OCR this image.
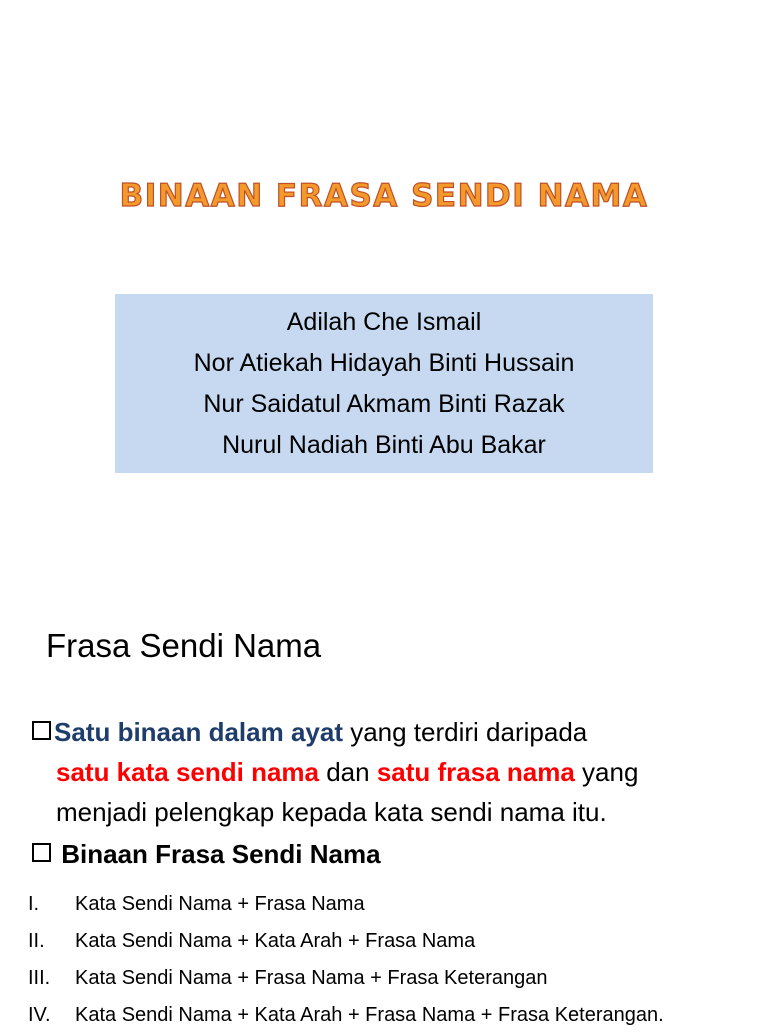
BINAAN FRASA SENDI NAMA
Adilah Che Ismail
Nor Atiekah Hidayah Binti Hussain
Nur Saidatul Akmam Binti Razak
Nurul Nadiah Binti Abu Bakar
Frasa Sendi Nama
Satu binaan dalam ayat yang terdiri daripada
satu kata sendi nama dan satu frasa nama yang
menjadi pelengkap kepada kata sendi nama itu.
Binaan Frasa Sendi Nama
I.	Kata Sendi Nama + Frasa Nama
II.	Kata Sendi Nama + Kata Arah + Frasa Nama
III.	Kata Sendi Nama + Frasa Nama + Frasa Keterangan
IV.	Kata Sendi Nama + Kata Arah + Frasa Nama + Frasa Keterangan.
